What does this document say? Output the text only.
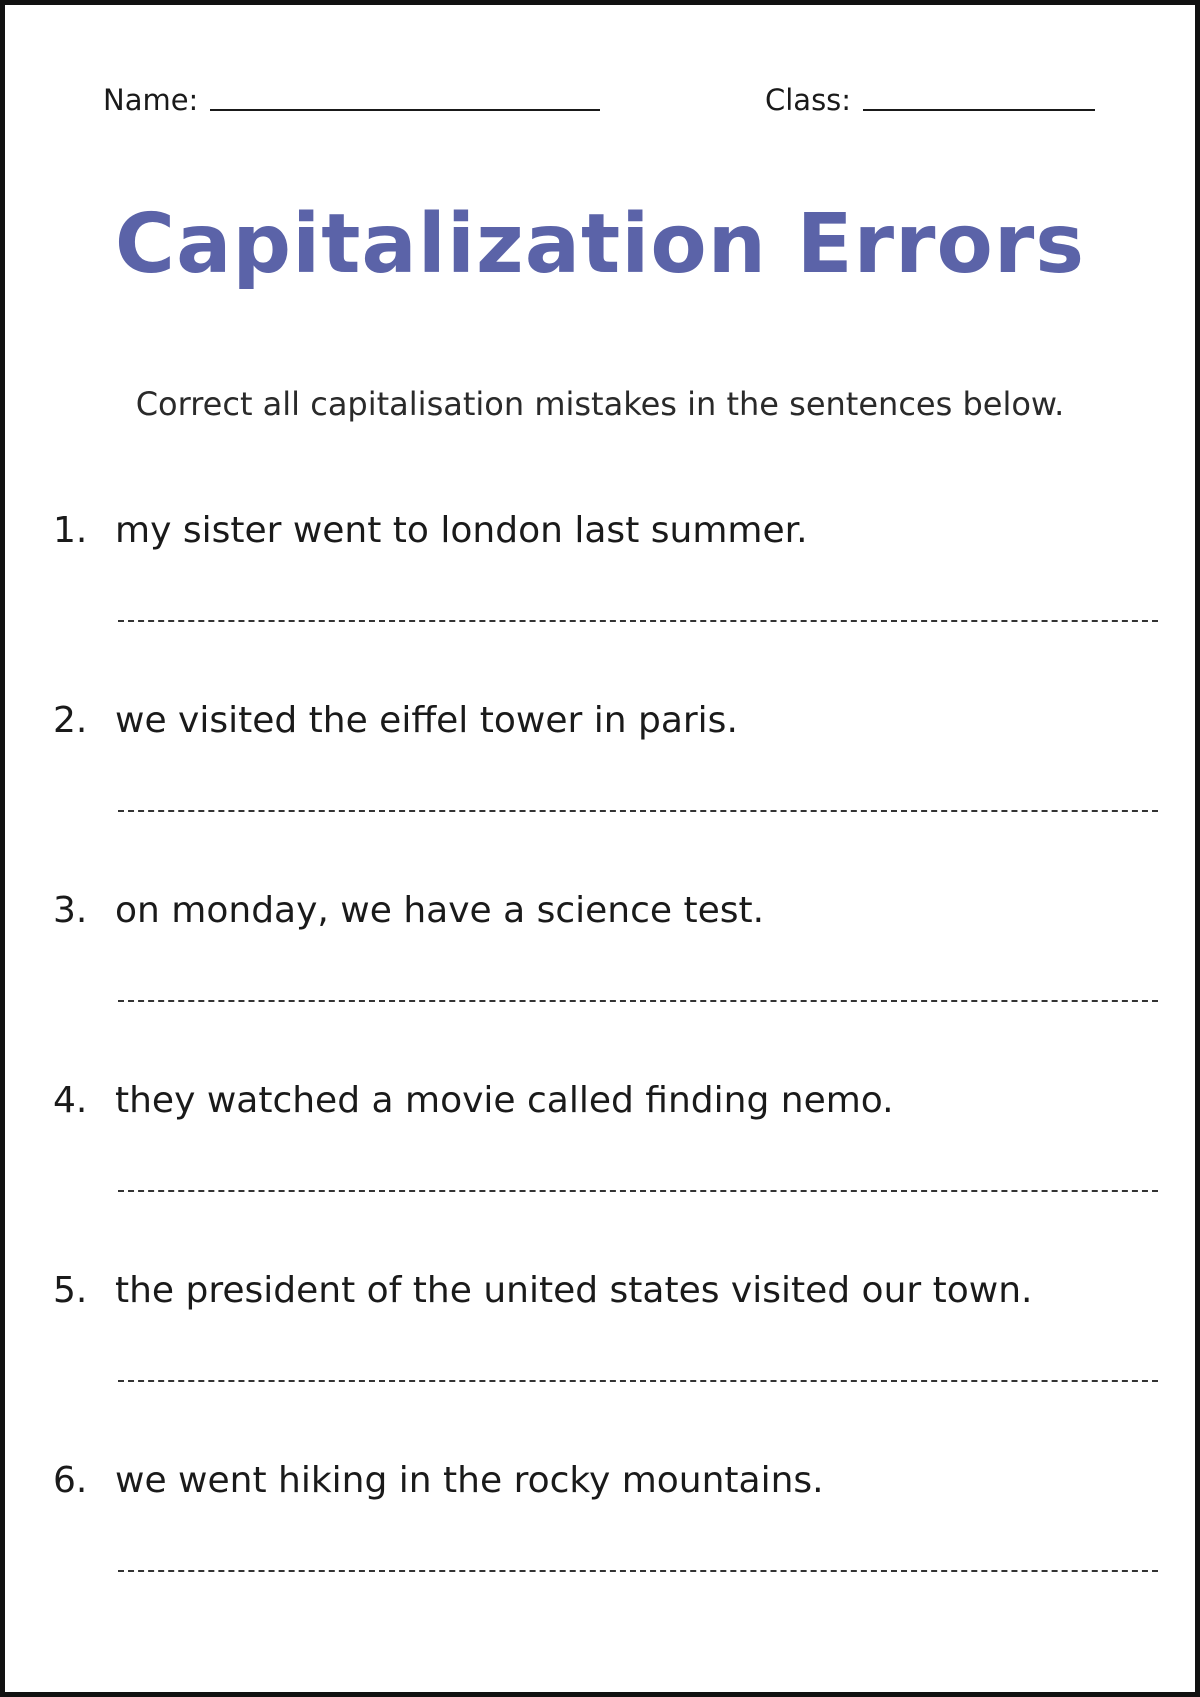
Name:	Class:
Capitalization Errors
Correct all capitalisation mistakes in the sentences below.
1. my sister went to london last summer.
2. we visited the eiffel tower in paris.
3. on monday, we have a science test.
4. they watched a movie called finding nemo.
5. the president of the united states visited our town.
6. we went hiking in the rocky mountains.
